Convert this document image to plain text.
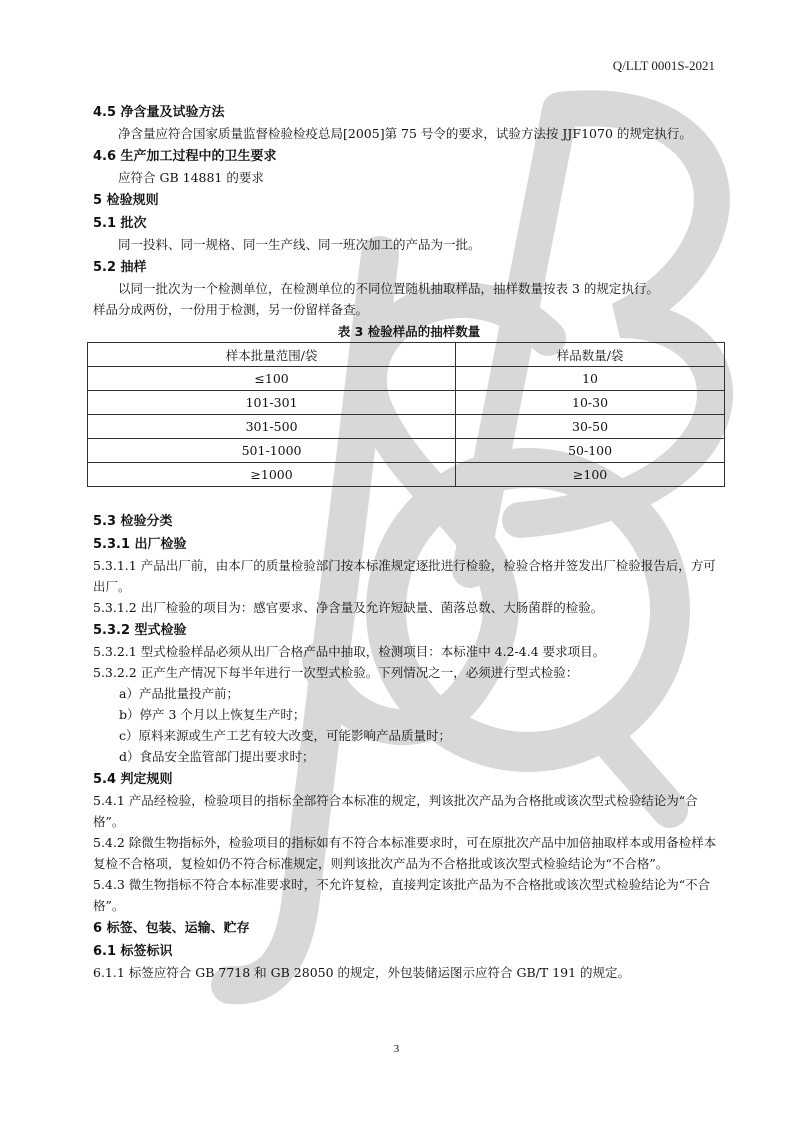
Q/LLT 0001S-2021

4.5 净含量及试验方法

净含量应符合国家质量监督检验检疫总局[2005]第 75 号令的要求，试验方法按 JJF1070 的规定执行。

4.6 生产加工过程中的卫生要求

应符合 GB 14881 的要求

5 检验规则

5.1 批次

同一投料、同一规格、同一生产线、同一班次加工的产品为一批。

5.2 抽样

以同一批次为一个检测单位，在检测单位的不同位置随机抽取样品，抽样数量按表 3 的规定执行。

样品分成两份，一份用于检测，另一份留样备查。

表 3 检验样品的抽样数量

样本批量范围/袋	样品数量/袋
≤100	10
101-301	10-30
301-500	30-50
501-1000	50-100
≥1000	≥100

5.3 检验分类

5.3.1 出厂检验

5.3.1.1 产品出厂前，由本厂的质量检验部门按本标准规定逐批进行检验，检验合格并签发出厂检验报告后，方可出厂。

5.3.1.2 出厂检验的项目为：感官要求、净含量及允许短缺量、菌落总数、大肠菌群的检验。

5.3.2 型式检验

5.3.2.1 型式检验样品必须从出厂合格产品中抽取，检测项目：本标准中 4.2-4.4 要求项目。

5.3.2.2 正产生产情况下每半年进行一次型式检验。下列情况之一，必须进行型式检验：

a）产品批量投产前；

b）停产 3 个月以上恢复生产时；

c）原料来源或生产工艺有较大改变，可能影响产品质量时；

d）食品安全监管部门提出要求时；

5.4 判定规则

5.4.1 产品经检验，检验项目的指标全部符合本标准的规定，判该批次产品为合格批或该次型式检验结论为“合格”。

5.4.2 除微生物指标外，检验项目的指标如有不符合本标准要求时，可在原批次产品中加倍抽取样本或用备检样本复检不合格项，复检如仍不符合标准规定，则判该批次产品为不合格批或该次型式检验结论为“不合格”。

5.4.3 微生物指标不符合本标准要求时，不允许复检，直接判定该批产品为不合格批或该次型式检验结论为“不合格”。

6 标签、包装、运输、贮存

6.1 标签标识

6.1.1 标签应符合 GB 7718 和 GB 28050 的规定，外包装储运图示应符合 GB/T 191 的规定。

3
